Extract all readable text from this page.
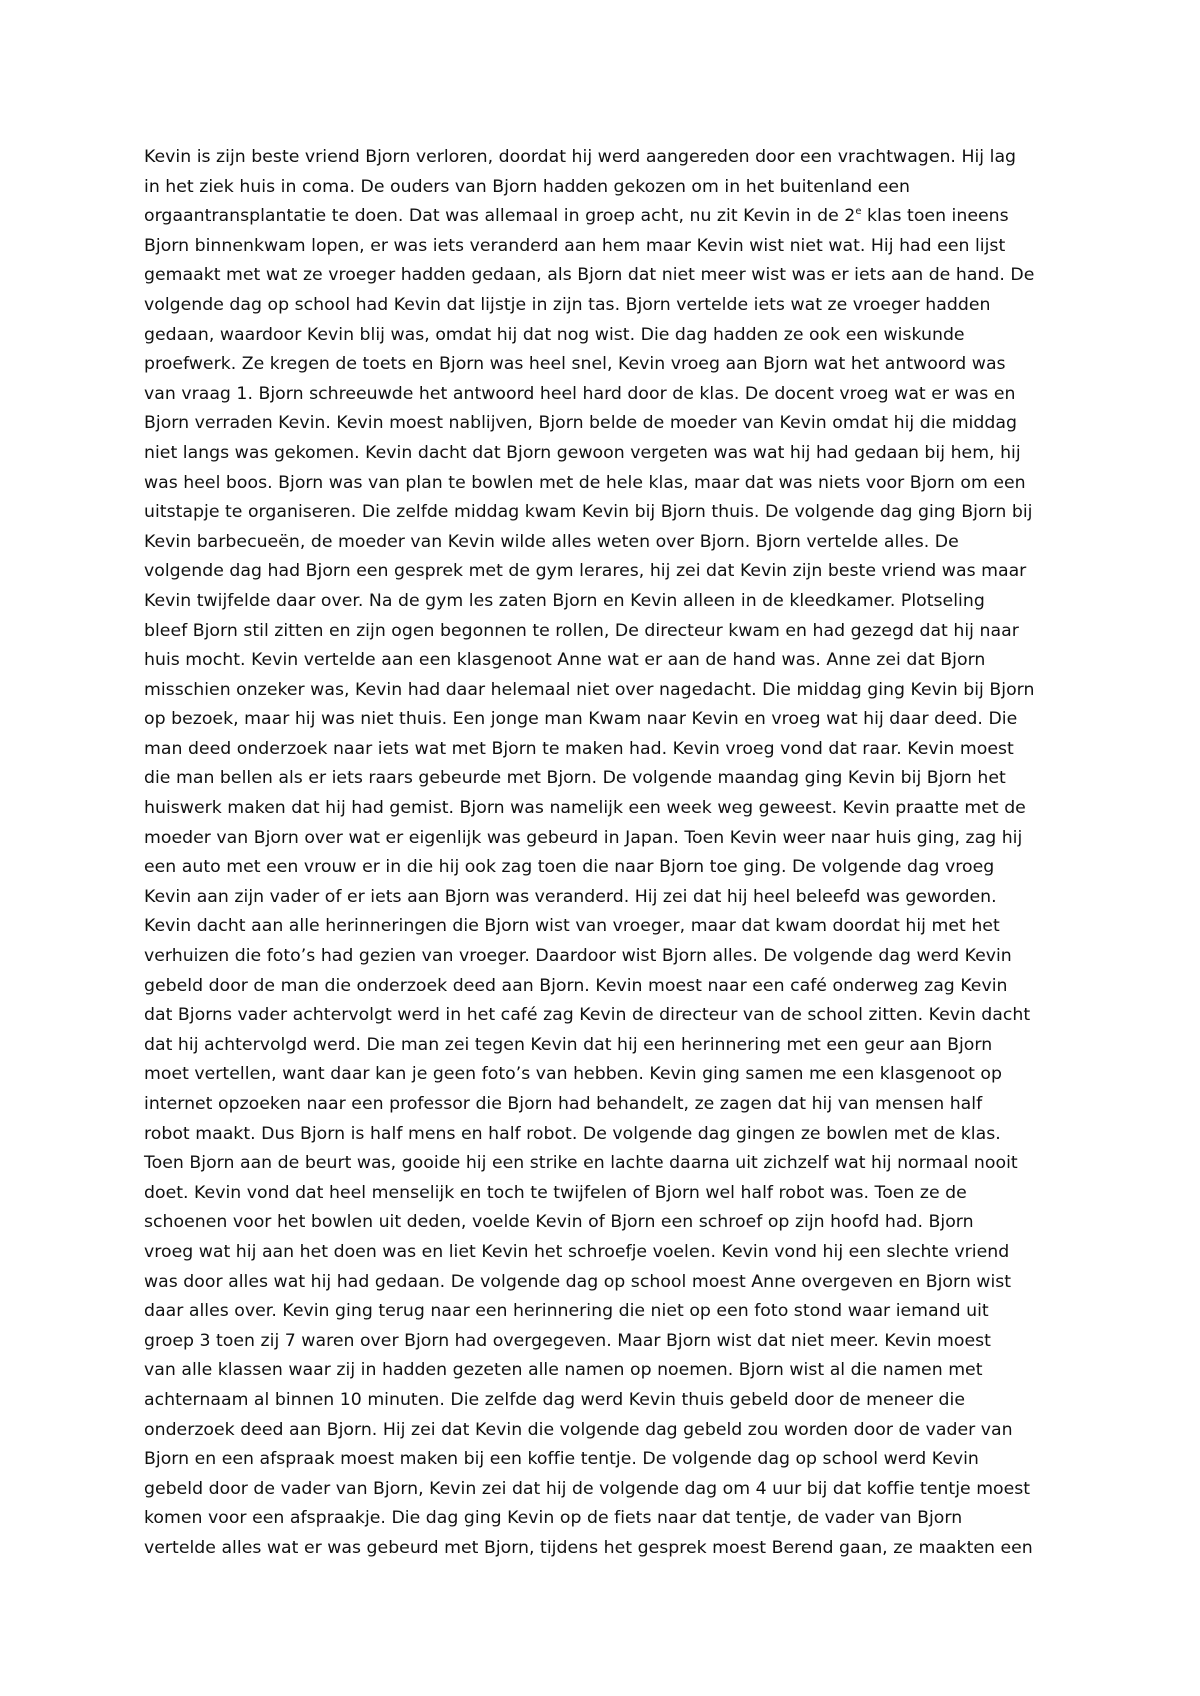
Kevin is zijn beste vriend Bjorn verloren, doordat hij werd aangereden door een vrachtwagen. Hij lag
in het ziek huis in coma. De ouders van Bjorn hadden gekozen om in het buitenland een
orgaantransplantatie te doen. Dat was allemaal in groep acht, nu zit Kevin in de 2e klas toen ineens
Bjorn binnenkwam lopen, er was iets veranderd aan hem maar Kevin wist niet wat. Hij had een lijst
gemaakt met wat ze vroeger hadden gedaan, als Bjorn dat niet meer wist was er iets aan de hand. De
volgende dag op school had Kevin dat lijstje in zijn tas. Bjorn vertelde iets wat ze vroeger hadden
gedaan, waardoor Kevin blij was, omdat hij dat nog wist. Die dag hadden ze ook een wiskunde
proefwerk. Ze kregen de toets en Bjorn was heel snel, Kevin vroeg aan Bjorn wat het antwoord was
van vraag 1. Bjorn schreeuwde het antwoord heel hard door de klas. De docent vroeg wat er was en
Bjorn verraden Kevin. Kevin moest nablijven, Bjorn belde de moeder van Kevin omdat hij die middag
niet langs was gekomen. Kevin dacht dat Bjorn gewoon vergeten was wat hij had gedaan bij hem, hij
was heel boos. Bjorn was van plan te bowlen met de hele klas, maar dat was niets voor Bjorn om een
uitstapje te organiseren. Die zelfde middag kwam Kevin bij Bjorn thuis. De volgende dag ging Bjorn bij
Kevin barbecueën, de moeder van Kevin wilde alles weten over Bjorn. Bjorn vertelde alles. De
volgende dag had Bjorn een gesprek met de gym lerares, hij zei dat Kevin zijn beste vriend was maar
Kevin twijfelde daar over. Na de gym les zaten Bjorn en Kevin alleen in de kleedkamer. Plotseling
bleef Bjorn stil zitten en zijn ogen begonnen te rollen, De directeur kwam en had gezegd dat hij naar
huis mocht. Kevin vertelde aan een klasgenoot Anne wat er aan de hand was. Anne zei dat Bjorn
misschien onzeker was, Kevin had daar helemaal niet over nagedacht. Die middag ging Kevin bij Bjorn
op bezoek, maar hij was niet thuis. Een jonge man Kwam naar Kevin en vroeg wat hij daar deed. Die
man deed onderzoek naar iets wat met Bjorn te maken had. Kevin vroeg vond dat raar. Kevin moest
die man bellen als er iets raars gebeurde met Bjorn. De volgende maandag ging Kevin bij Bjorn het
huiswerk maken dat hij had gemist. Bjorn was namelijk een week weg geweest. Kevin praatte met de
moeder van Bjorn over wat er eigenlijk was gebeurd in Japan. Toen Kevin weer naar huis ging, zag hij
een auto met een vrouw er in die hij ook zag toen die naar Bjorn toe ging. De volgende dag vroeg
Kevin aan zijn vader of er iets aan Bjorn was veranderd. Hij zei dat hij heel beleefd was geworden.
Kevin dacht aan alle herinneringen die Bjorn wist van vroeger, maar dat kwam doordat hij met het
verhuizen die foto’s had gezien van vroeger. Daardoor wist Bjorn alles. De volgende dag werd Kevin
gebeld door de man die onderzoek deed aan Bjorn. Kevin moest naar een café onderweg zag Kevin
dat Bjorns vader achtervolgt werd in het café zag Kevin de directeur van de school zitten. Kevin dacht
dat hij achtervolgd werd. Die man zei tegen Kevin dat hij een herinnering met een geur aan Bjorn
moet vertellen, want daar kan je geen foto’s van hebben. Kevin ging samen me een klasgenoot op
internet opzoeken naar een professor die Bjorn had behandelt, ze zagen dat hij van mensen half
robot maakt. Dus Bjorn is half mens en half robot. De volgende dag gingen ze bowlen met de klas.
Toen Bjorn aan de beurt was, gooide hij een strike en lachte daarna uit zichzelf wat hij normaal nooit
doet. Kevin vond dat heel menselijk en toch te twijfelen of Bjorn wel half robot was. Toen ze de
schoenen voor het bowlen uit deden, voelde Kevin of Bjorn een schroef op zijn hoofd had. Bjorn
vroeg wat hij aan het doen was en liet Kevin het schroefje voelen. Kevin vond hij een slechte vriend
was door alles wat hij had gedaan. De volgende dag op school moest Anne overgeven en Bjorn wist
daar alles over. Kevin ging terug naar een herinnering die niet op een foto stond waar iemand uit
groep 3 toen zij 7 waren over Bjorn had overgegeven. Maar Bjorn wist dat niet meer. Kevin moest
van alle klassen waar zij in hadden gezeten alle namen op noemen. Bjorn wist al die namen met
achternaam al binnen 10 minuten. Die zelfde dag werd Kevin thuis gebeld door de meneer die
onderzoek deed aan Bjorn. Hij zei dat Kevin die volgende dag gebeld zou worden door de vader van
Bjorn en een afspraak moest maken bij een koffie tentje. De volgende dag op school werd Kevin
gebeld door de vader van Bjorn, Kevin zei dat hij de volgende dag om 4 uur bij dat koffie tentje moest
komen voor een afspraakje. Die dag ging Kevin op de fiets naar dat tentje, de vader van Bjorn
vertelde alles wat er was gebeurd met Bjorn, tijdens het gesprek moest Berend gaan, ze maakten een
